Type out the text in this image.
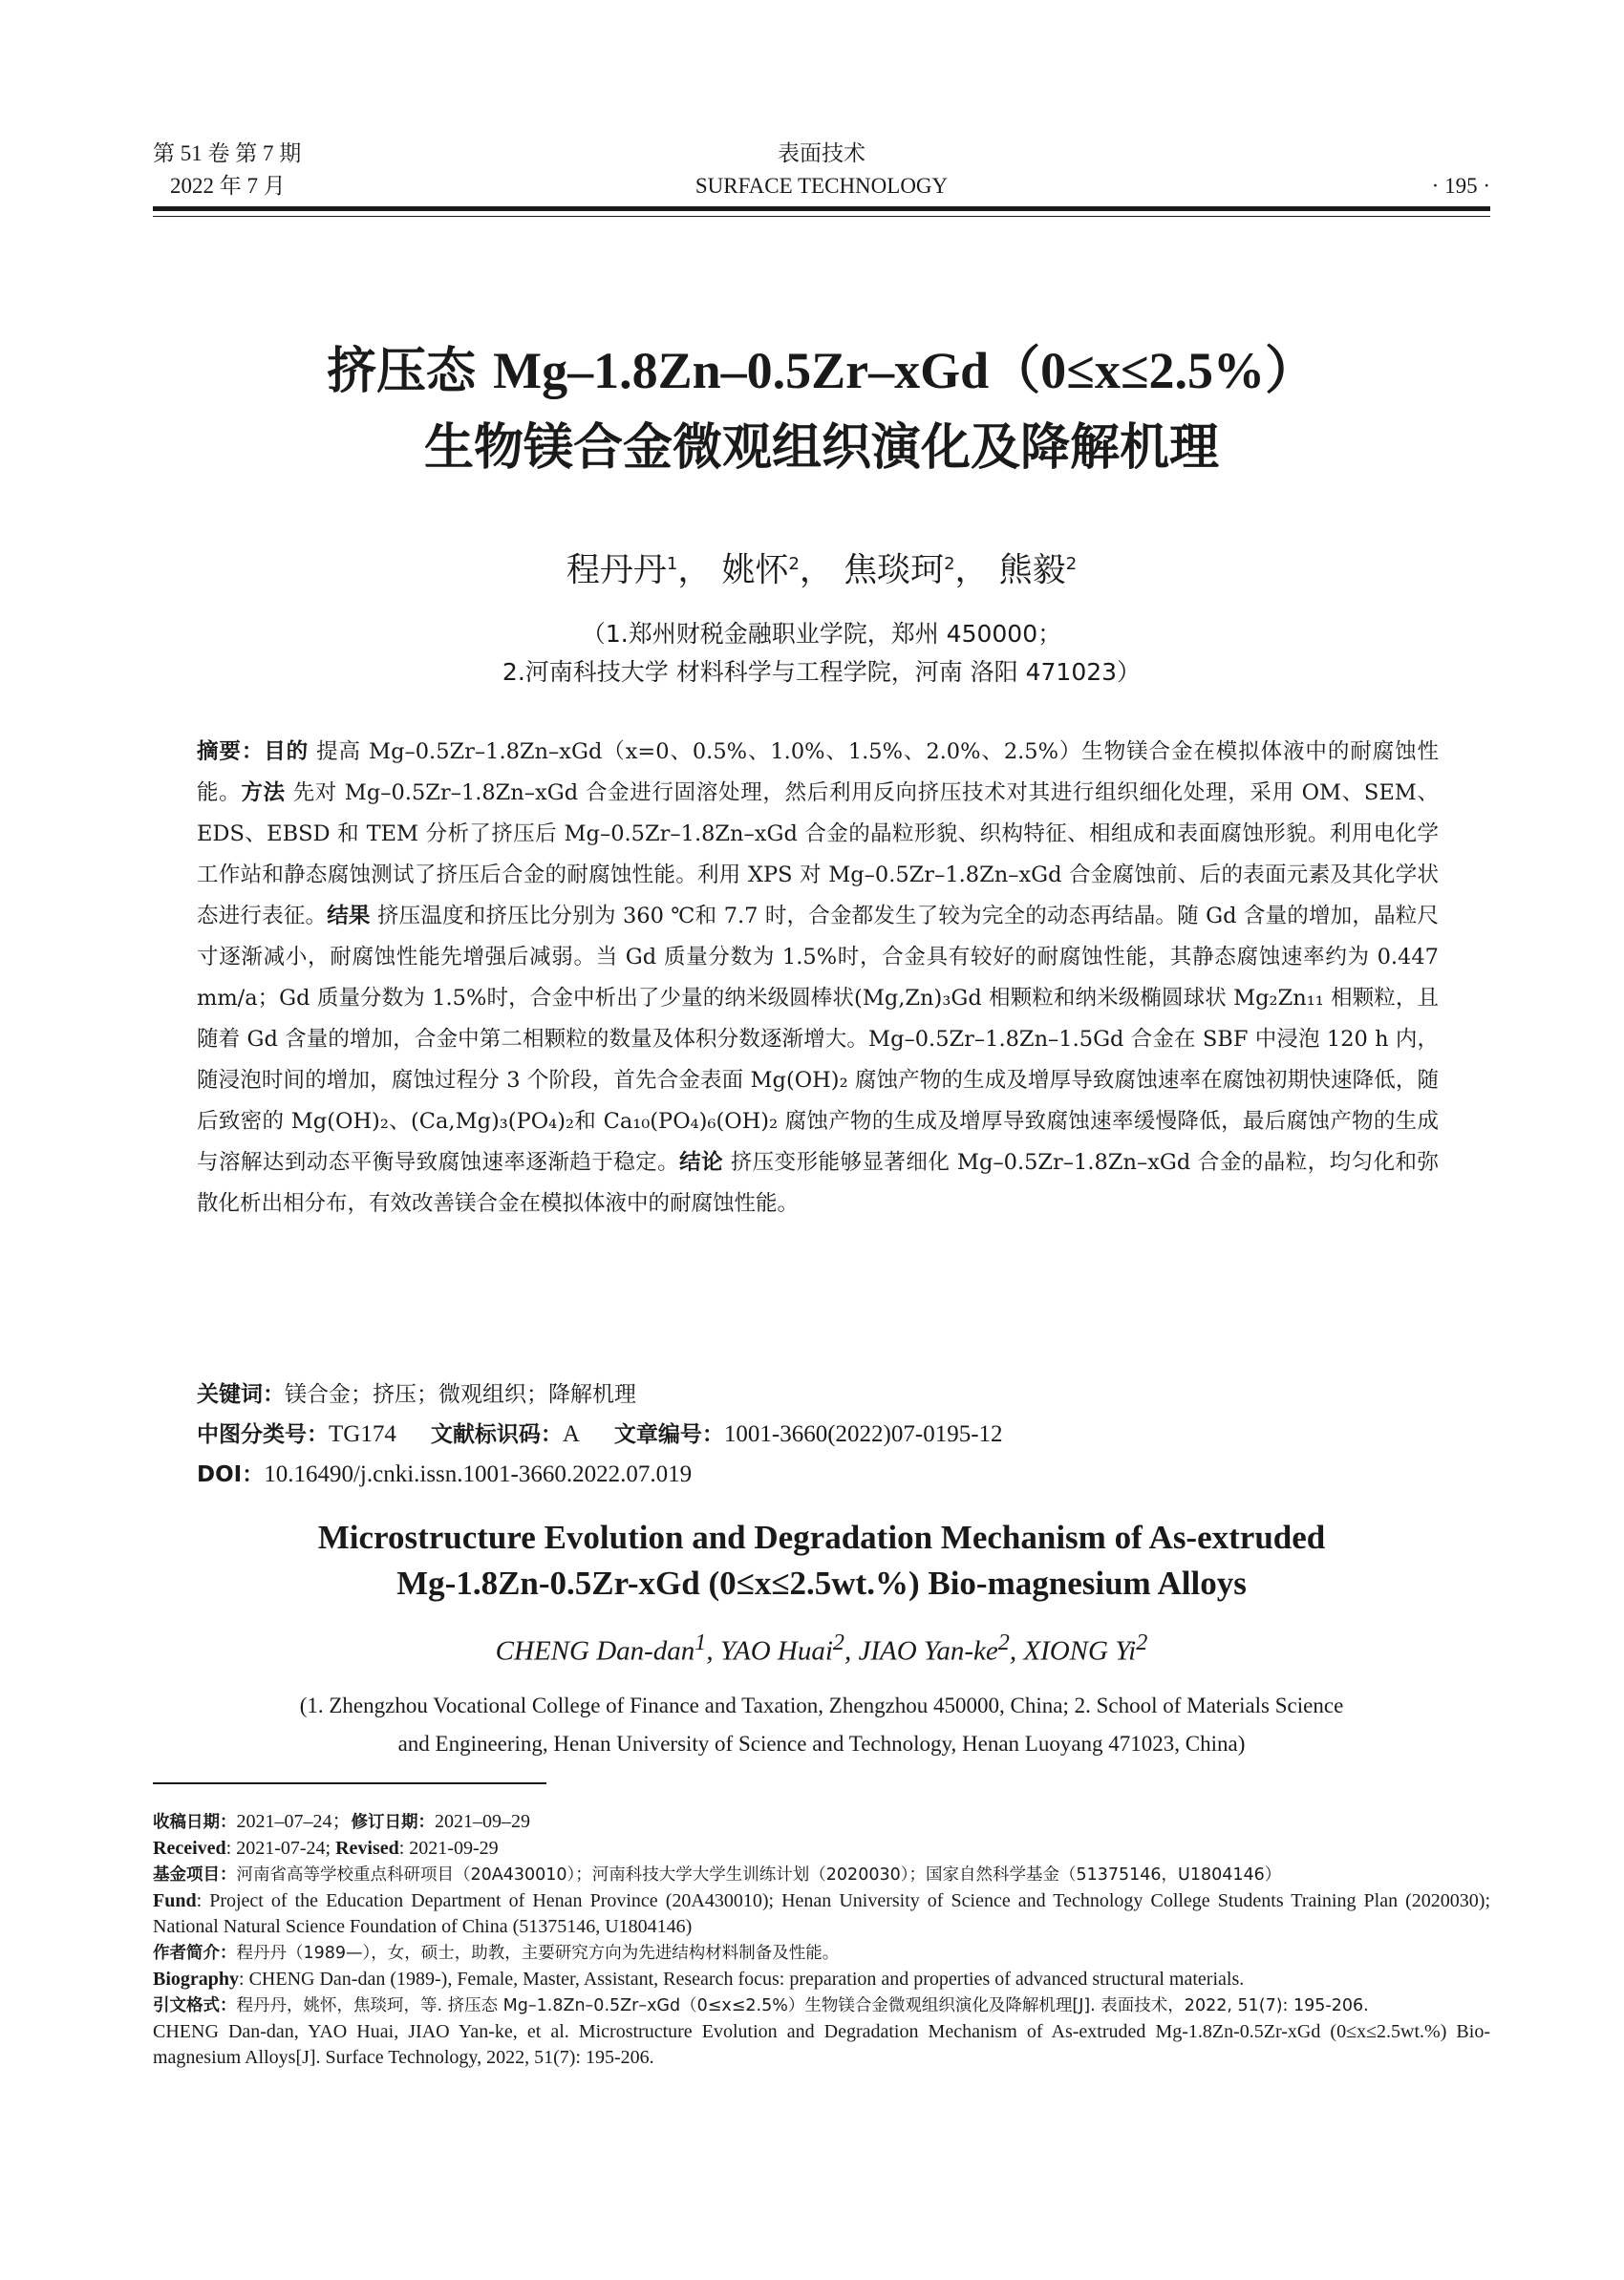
第 51 卷 第 7 期
2022 年 7 月
表面技术
SURFACE TECHNOLOGY	· 195 ·
挤压态 Mg–1.8Zn–0.5Zr–xGd（0≤x≤2.5%）
生物镁合金微观组织演化及降解机理
程丹丹$^1$， 姚怀$^2$， 焦琰珂$^2$， 熊毅$^2$
（1.郑州财税金融职业学院，郑州 450000；
2.河南科技大学 材料科学与工程学院，河南 洛阳 471023）
摘要：目的 提高 Mg–0.5Zr–1.8Zn–xGd（x=0、0.5%、1.0%、1.5%、2.0%、2.5%）生物镁合金在模拟体液中的耐腐蚀性能。方法 先对 Mg–0.5Zr–1.8Zn–xGd 合金进行固溶处理，然后利用反向挤压技术对其进行组织细化处理，采用 OM、SEM、EDS、EBSD 和 TEM 分析了挤压后 Mg–0.5Zr–1.8Zn–xGd 合金的晶粒形貌、织构特征、相组成和表面腐蚀形貌。利用电化学工作站和静态腐蚀测试了挤压后合金的耐腐蚀性能。利用 XPS 对 Mg–0.5Zr–1.8Zn–xGd 合金腐蚀前、后的表面元素及其化学状态进行表征。结果 挤压温度和挤压比分别为 360 ℃和 7.7 时，合金都发生了较为完全的动态再结晶。随 Gd 含量的增加，晶粒尺寸逐渐减小，耐腐蚀性能先增强后减弱。当 Gd 质量分数为 1.5%时，合金具有较好的耐腐蚀性能，其静态腐蚀速率约为 0.447 mm/a；Gd 质量分数为 1.5%时，合金中析出了少量的纳米级圆棒状(Mg,Zn)₃Gd 相颗粒和纳米级椭圆球状 Mg₂Zn₁₁ 相颗粒，且随着 Gd 含量的增加，合金中第二相颗粒的数量及体积分数逐渐增大。Mg–0.5Zr–1.8Zn–1.5Gd 合金在 SBF 中浸泡 120 h 内，随浸泡时间的增加，腐蚀过程分 3 个阶段，首先合金表面 Mg(OH)₂ 腐蚀产物的生成及增厚导致腐蚀速率在腐蚀初期快速降低，随后致密的 Mg(OH)₂、(Ca,Mg)₃(PO₄)₂和 Ca₁₀(PO₄)₆(OH)₂ 腐蚀产物的生成及增厚导致腐蚀速率缓慢降低，最后腐蚀产物的生成与溶解达到动态平衡导致腐蚀速率逐渐趋于稳定。结论 挤压变形能够显著细化 Mg–0.5Zr–1.8Zn–xGd 合金的晶粒，均匀化和弥散化析出相分布，有效改善镁合金在模拟体液中的耐腐蚀性能。
关键词：镁合金；挤压；微观组织；降解机理
中图分类号：TG174 文献标识码：A 文章编号：1001-3660(2022)07-0195-12
DOI：10.16490/j.cnki.issn.1001-3660.2022.07.019
Microstructure Evolution and Degradation Mechanism of As-extruded
Mg-1.8Zn-0.5Zr-xGd (0≤x≤2.5wt.%) Bio-magnesium Alloys
CHENG Dan-dan$^1$, YAO Huai$^2$, JIAO Yan-$ke^2$, XIONG Yi$^2$
(1. Zhengzhou Vocational College of Finance and Taxation, Zhengzhou 450000, China; 2. School of Materials Science and Engineering, Henan University of Science and Technology, Henan Luoyang 471023, China)

收稿日期：2021–07–24；修订日期：2021–09–29

Received: 2021-07-24; Revised: 2021-09-29

基金项目：河南省高等学校重点科研项目（20A430010）；河南科技大学大学生训练计划（2020030）；国家自然科学基金（51375146，U1804146）

Fund: Project of the Education Department of Henan Province (20A430010); Henan University of Science and Technology College Students Training Plan (2020030); National Natural Science Foundation of China (51375146, U1804146)

作者简介：程丹丹（1989—），女，硕士，助教，主要研究方向为先进结构材料制备及性能。

Biography: CHENG Dan-dan (1989-), Female, Master, Assistant, Research focus: preparation and properties of advanced structural materials.

引文格式：程丹丹，姚怀，焦琰珂，等. 挤压态 Mg–1.8Zn–0.5Zr–xGd（0≤x≤2.5%）生物镁合金微观组织演化及降解机理[J]. 表面技术，2022, 51(7): 195-206.

CHENG Dan-dan, YAO Huai, JIAO Yan-ke, et al. Microstructure Evolution and Degradation Mechanism of As-extruded Mg-1.8Zn-0.5Zr-xGd (0≤x≤2.5wt.%) Bio-magnesium Alloys[J]. Surface Technology, 2022, 51(7): 195-206.
